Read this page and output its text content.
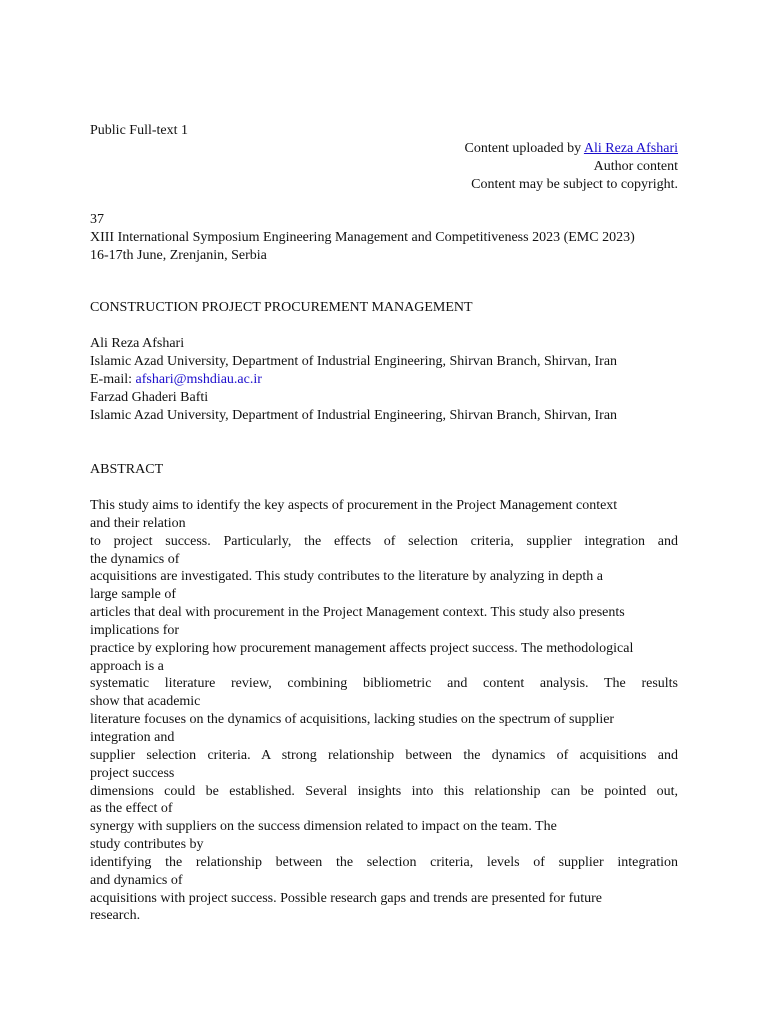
Public Full-text 1
Content uploaded by Ali Reza Afshari
Author content
Content may be subject to copyright.
37
XIII International Symposium Engineering Management and Competitiveness 2023 (EMC 2023)
16-17th June, Zrenjanin, Serbia
CONSTRUCTION PROJECT PROCUREMENT MANAGEMENT
Ali Reza Afshari
Islamic Azad University, Department of Industrial Engineering, Shirvan Branch, Shirvan, Iran
E-mail: afshari@mshdiau.ac.ir
Farzad Ghaderi Bafti
Islamic Azad University, Department of Industrial Engineering, Shirvan Branch, Shirvan, Iran
ABSTRACT
This study aims to identify the key aspects of procurement in the Project Management context
and their relation
to project success. Particularly, the effects of selection criteria, supplier integration and
the dynamics of
acquisitions are investigated. This study contributes to the literature by analyzing in depth a
large sample of
articles that deal with procurement in the Project Management context. This study also presents
implications for
practice by exploring how procurement management affects project success. The methodological
approach is a
systematic literature review, combining bibliometric and content analysis. The results
show that academic
literature focuses on the dynamics of acquisitions, lacking studies on the spectrum of supplier
integration and
supplier selection criteria. A strong relationship between the dynamics of acquisitions and
project success
dimensions could be established. Several insights into this relationship can be pointed out,
as the effect of
synergy with suppliers on the success dimension related to impact on the team. The
study contributes by
identifying the relationship between the selection criteria, levels of supplier integration
and dynamics of
acquisitions with project success. Possible research gaps and trends are presented for future
research.
